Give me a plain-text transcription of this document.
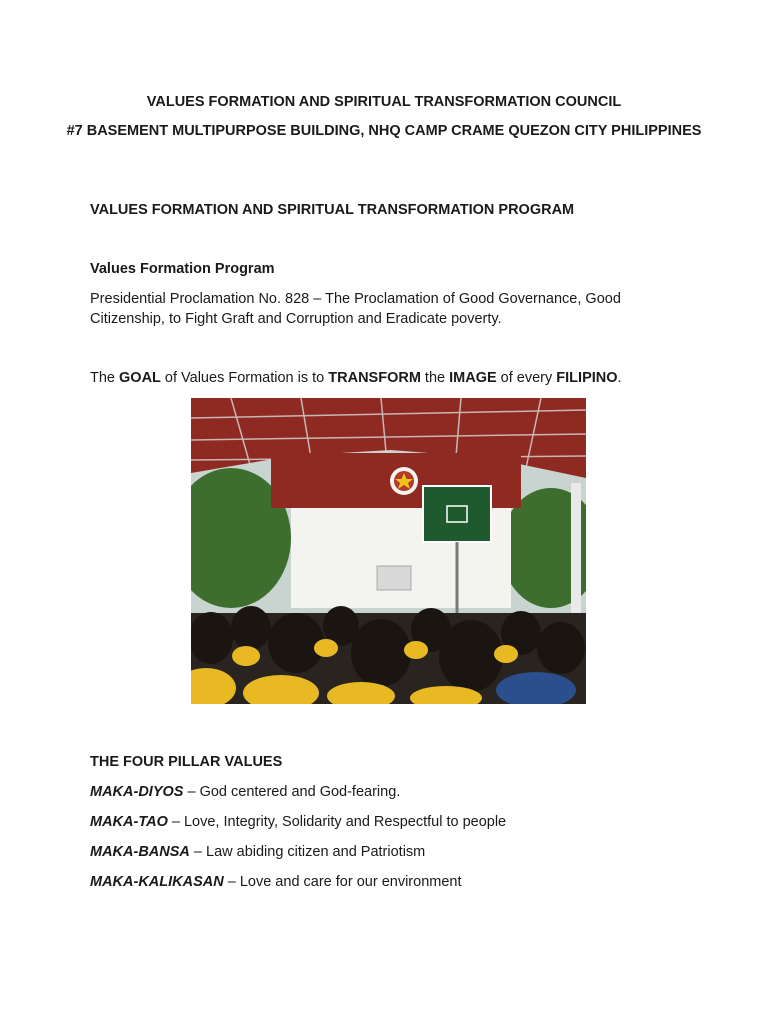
VALUES FORMATION AND SPIRITUAL TRANSFORMATION COUNCIL

#7 BASEMENT MULTIPURPOSE BUILDING, NHQ CAMP CRAME QUEZON CITY PHILIPPINES

VALUES FORMATION AND SPIRITUAL TRANSFORMATION PROGRAM

Values Formation Program

Presidential Proclamation No. 828 – The Proclamation of Good Governance, Good Citizenship, to Fight Graft and Corruption and Eradicate poverty.

The GOAL of Values Formation is to TRANSFORM the IMAGE of every FILIPINO.

THE FOUR PILLAR VALUES

MAKA-DIYOS – God centered and God-fearing.

MAKA-TAO – Love, Integrity, Solidarity and Respectful to people

MAKA-BANSA – Law abiding citizen and Patriotism

MAKA-KALIKASAN – Love and care for our environment
